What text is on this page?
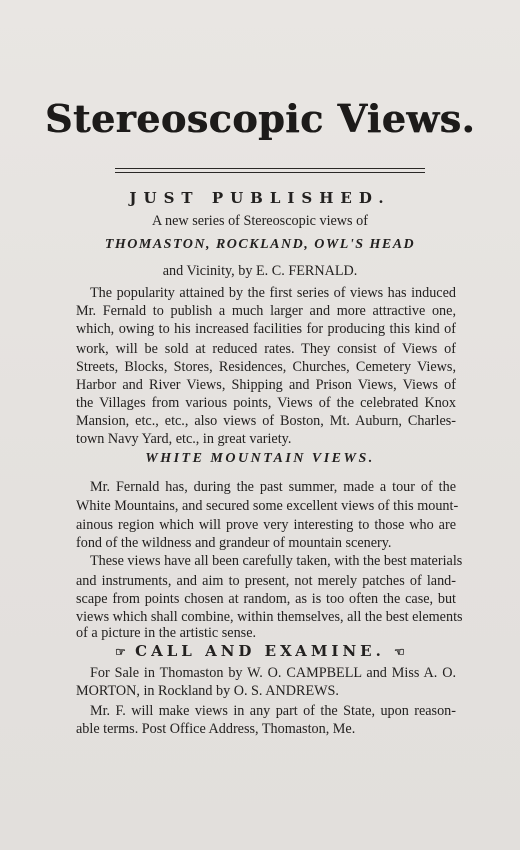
Stereoscopic Views.
JUST PUBLISHED.
A new series of Stereoscopic views of
THOMASTON, ROCKLAND, OWL'S HEAD
and Vicinity, by E. C. FERNALD.
The popularity attained by the first series of views has induced
Mr. Fernald to publish a much larger and more attractive one,
which, owing to his increased facilities for producing this kind of
work, will be sold at reduced rates. They consist of Views of
Streets, Blocks, Stores, Residences, Churches, Cemetery Views,
Harbor and River Views, Shipping and Prison Views, Views of
the Villages from various points, Views of the celebrated Knox
Mansion, etc., etc., also views of Boston, Mt. Auburn, Charles-
town Navy Yard, etc., in great variety.
WHITE MOUNTAIN VIEWS.
Mr. Fernald has, during the past summer, made a tour of the
White Mountains, and secured some excellent views of this mount-
ainous region which will prove very interesting to those who are
fond of the wildness and grandeur of mountain scenery.
These views have all been carefully taken, with the best materials
and instruments, and aim to present, not merely patches of land-
scape from points chosen at random, as is too often the case, but
views which shall combine, within themselves, all the best elements
of a picture in the artistic sense.
☞ CALL AND EXAMINE. ☜
For Sale in Thomaston by W. O. CAMPBELL and Miss A. O.
MORTON, in Rockland by O. S. ANDREWS.
Mr. F. will make views in any part of the State, upon reason-
able terms. Post Office Address, Thomaston, Me.
